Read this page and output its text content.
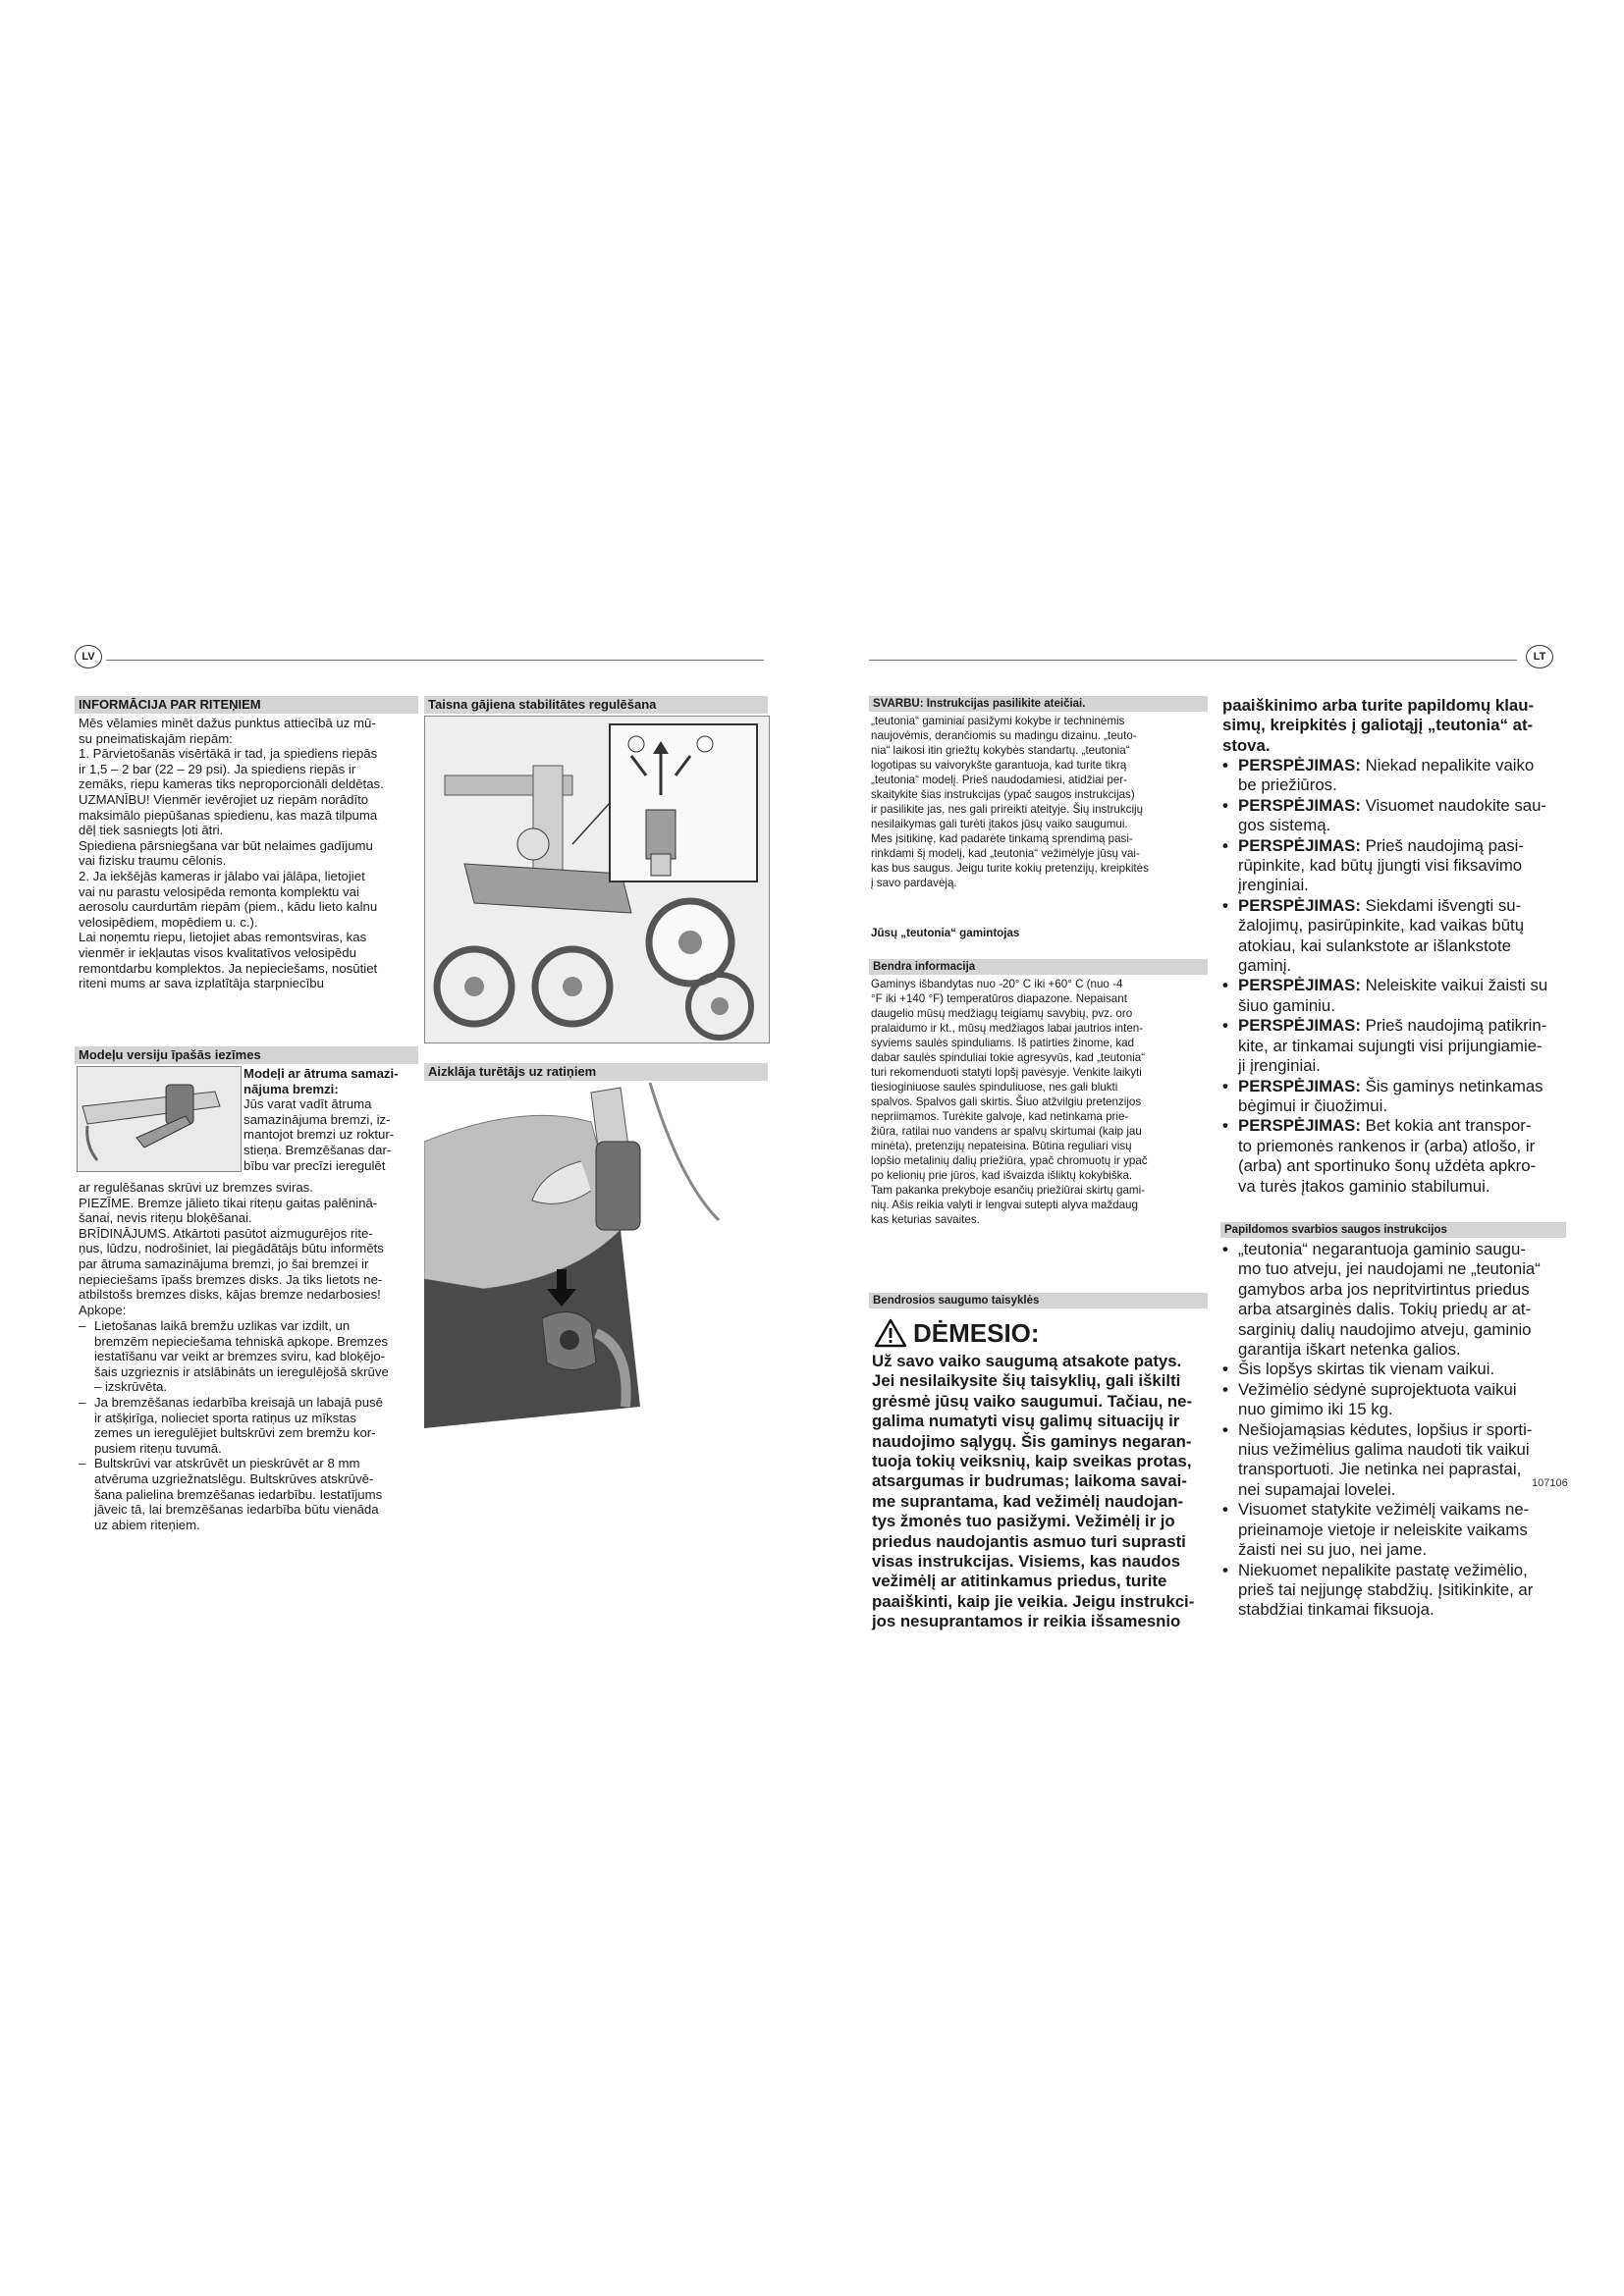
LV	LT
INFORMĀCIJA PAR RITEŅIEM

Mēs vēlamies minēt dažus punktus attiecībā uz mū-

su pneimatiskajām riepām:

1. Pārvietošanās visērtākā ir tad, ja spiediens riepās

ir 1,5 – 2 bar (22 – 29 psi). Ja spiediens riepās ir

zemāks, riepu kameras tiks neproporcionāli deldētas.

UZMANĪBU! Vienmēr ievērojiet uz riepām norādīto

maksimālo piepūšanas spiedienu, kas mazā tilpuma

dēļ tiek sasniegts ļoti ātri.

Spiediena pārsniegšana var būt nelaimes gadījumu

vai fizisku traumu cēlonis.

2. Ja iekšējās kameras ir jālabo vai jālāpa, lietojiet

vai nu parastu velosipēda remonta komplektu vai

aerosolu caurdurtām riepām (piem., kādu lieto kalnu

velosipēdiem, mopēdiem u. c.).

Lai noņemtu riepu, lietojiet abas remontsviras, kas

vienmēr ir iekļautas visos kvalitatīvos velosipēdu

remontdarbu komplektos. Ja nepieciešams, nosūtiet

riteni mums ar sava izplatītāja starpniecību

Taisna gājiena stabilitātes regulēšana
Modeļu versiju īpašās iezīmes

Modeļi ar ātruma samazi-

nājuma bremzi:

Jūs varat vadīt ātruma

samazinājuma bremzi, iz-

mantojot bremzi uz roktur-

stieņa. Bremzēšanas dar-

bību var precīzi ieregulēt

ar regulēšanas skrūvi uz bremzes sviras.

PIEZĪME. Bremze jālieto tikai riteņu gaitas palēninā-

šanai, nevis riteņu bloķēšanai.

BRĪDINĀJUMS. Atkārtoti pasūtot aizmugurējos rite-

ņus, lūdzu, nodrošiniet, lai piegādātājs būtu informēts

par ātruma samazinājuma bremzi, jo šai bremzei ir

nepieciešams īpašs bremzes disks. Ja tiks lietots ne-

atbilstošs bremzes disks, kājas bremze nedarbosies!

Apkope:

– Lietošanas laikā bremžu uzlikas var izdilt, un

bremzēm nepieciešama tehniskā apkope. Bremzes

iestatīšanu var veikt ar bremzes sviru, kad bloķējo-

šais uzgrieznis ir atslābināts un ieregulējošā skrūve

– izskrūvēta.

– Ja bremzēšanas iedarbība kreisajā un labajā pusē

ir atšķirīga, nolieciet sporta ratiņus uz mīkstas

zemes un ieregulējiet bultskrūvi zem bremžu kor-

pusiem riteņu tuvumā.

– Bultskrūvi var atskrūvēt un pieskrūvēt ar 8 mm

atvēruma uzgriežnatslēgu. Bultskrūves atskrūvē-

šana palielina bremzēšanas iedarbību. Iestatījums

jāveic tā, lai bremzēšanas iedarbība būtu vienāda

uz abiem riteņiem.

Aizklāja turētājs uz ratiņiem
SVARBU: Instrukcijas pasilikite ateičiai.

„teutonia“ gaminiai pasižymi kokybe ir techninėmis

naujovėmis, derančiomis su madingu dizainu. „teuto-

nia“ laikosi itin griežtų kokybės standartų. „teutonia“

logotipas su vaivorykšte garantuoja, kad turite tikrą

„teutonia“ modelį. Prieš naudodamiesi, atidžiai per-

skaitykite šias instrukcijas (ypač saugos instrukcijas)

ir pasilikite jas, nes gali prireikti ateityje. Šių instrukcijų

nesilaikymas gali turėti įtakos jūsų vaiko saugumui.

Mes įsitikinę, kad padarėte tinkamą sprendimą pasi-

rinkdami šį modelį, kad „teutonia“ vežimėlyje jūsų vai-

kas bus saugus. Jeigu turite kokių pretenzijų, kreipkitės

į savo pardavėją.

Jūsų „teutonia“ gamintojas

Bendra informacija

Gaminys išbandytas nuo -20° C iki +60° C (nuo -4

°F iki +140 °F) temperatūros diapazone. Nepaisant

daugelio mūsų medžiagų teigiamų savybių, pvz. oro

pralaidumo ir kt., mūsų medžiagos labai jautrios inten-

syviems saulės spinduliams. Iš patirties žinome, kad

dabar saulės spinduliai tokie agresyvūs, kad „teutonia“

turi rekomenduoti statyti lopšį pavėsyje. Venkite laikyti

tiesioginiuose saulės spinduliuose, nes gali blukti

spalvos. Spalvos gali skirtis. Šiuo atžvilgiu pretenzijos

nepriimamos. Turėkite galvoje, kad netinkama prie-

žiūra, ratilai nuo vandens ar spalvų skirtumai (kaip jau

minėta), pretenzijų nepateisina. Būtina reguliari visų

lopšio metalinių dalių priežiūra, ypač chromuotų ir ypač

po kelionių prie jūros, kad išvaizda išliktų kokybiška.

Tam pakanka prekyboje esančių priežiūrai skirtų gami-

nių. Ašis reikia valyti ir lengvai sutepti alyva maždaug

kas keturias savaites.

Bendrosios saugumo taisyklės
DĖMESIO:

Už savo vaiko saugumą atsakote patys.

Jei nesilaikysite šių taisyklių, gali iškilti

grėsmė jūsų vaiko saugumui. Tačiau, ne-

galima numatyti visų galimų situacijų ir

naudojimo sąlygų. Šis gaminys negaran-

tuoja tokių veiksnių, kaip sveikas protas,

atsargumas ir budrumas; laikoma savai-

me suprantama, kad vežimėlį naudojan-

tys žmonės tuo pasižymi. Vežimėlį ir jo

priedus naudojantis asmuo turi suprasti

visas instrukcijas. Visiems, kas naudos

vežimėlį ar atitinkamus priedus, turite

paaiškinti, kaip jie veikia. Jeigu instrukci-

jos nesuprantamos ir reikia išsamesnio

paaiškinimo arba turite papildomų klau-

simų, kreipkitės į galiotąjį „teutonia“ at-

stova.

• PERSPĖJIMAS: Niekad nepalikite vaiko

be priežiūros.

• PERSPĖJIMAS: Visuomet naudokite sau-

gos sistemą.

• PERSPĖJIMAS: Prieš naudojimą pasi-

rūpinkite, kad būtų įjungti visi fiksavimo

įrenginiai.

• PERSPĖJIMAS: Siekdami išvengti su-

žalojimų, pasirūpinkite, kad vaikas būtų

atokiau, kai sulankstote ar išlankstote

gaminį.

• PERSPĖJIMAS: Neleiskite vaikui žaisti su

šiuo gaminiu.

• PERSPĖJIMAS: Prieš naudojimą patikrin-

kite, ar tinkamai sujungti visi prijungiamie-

ji įrenginiai.

• PERSPĖJIMAS: Šis gaminys netinkamas

bėgimui ir čiuožimui.

• PERSPĖJIMAS: Bet kokia ant transpor-

to priemonės rankenos ir (arba) atlošo, ir

(arba) ant sportinuko šonų uždėta apkro-

va turės įtakos gaminio stabilumui.

Papildomos svarbios saugos instrukcijos
• „teutonia“ negarantuoja gaminio saugu-

mo tuo atveju, jei naudojami ne „teutonia“

gamybos arba jos nepritvirtintus priedus

arba atsarginės dalis. Tokių priedų ar at-

sarginių dalių naudojimo atveju, gaminio

garantija iškart netenka galios.

• Šis lopšys skirtas tik vienam vaikui.

• Vežimėlio sėdynė suprojektuota vaikui

nuo gimimo iki 15 kg.

• Nešiojamąsias kėdutes, lopšius ir sporti-

nius vežimėlius galima naudoti tik vaikui

transportuoti. Jie netinka nei paprastai,

nei supamajai lovelei.

• Visuomet statykite vežimėlį vaikams ne-

prieinamoje vietoje ir neleiskite vaikams

žaisti nei su juo, nei jame.

• Niekuomet nepalikite pastatę vežimėlio,

prieš tai neįjungę stabdžių. Įsitikinkite, ar

stabdžiai tinkamai fiksuoja.

107106
